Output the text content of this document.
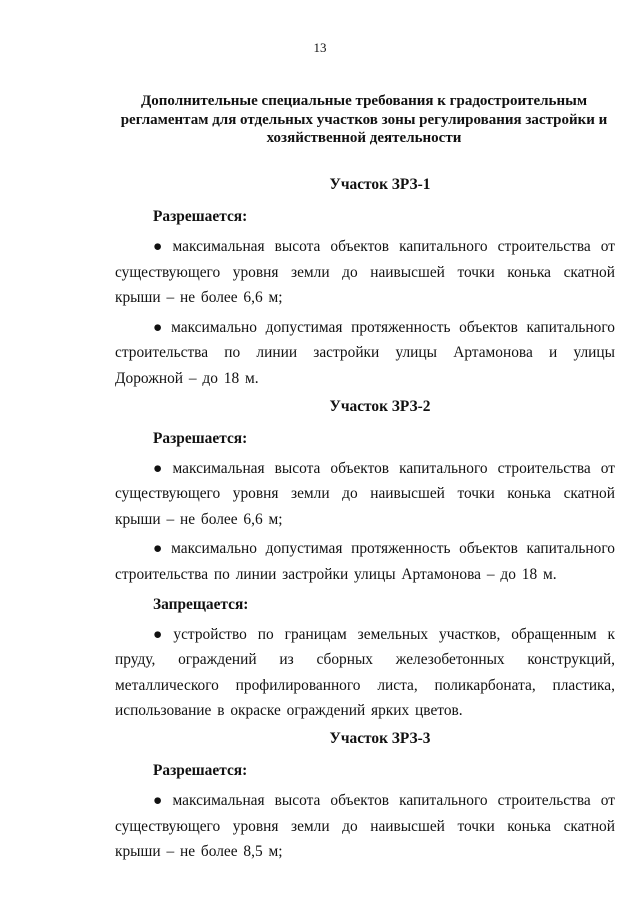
13
Дополнительные специальные требования к градостроительным регламентам для отдельных участков зоны регулирования застройки и хозяйственной деятельности
Участок ЗРЗ-1
Разрешается:

● максимальная высота объектов капитального строительства от существующего уровня земли до наивысшей точки конька скатной крыши – не более 6,6 м;

● максимально допустимая протяженность объектов капитального строительства по линии застройки улицы Артамонова и улицы Дорожной – до 18 м.

Участок ЗРЗ-2
Разрешается:

● максимальная высота объектов капитального строительства от существующего уровня земли до наивысшей точки конька скатной крыши – не более 6,6 м;

● максимально допустимая протяженность объектов капитального строительства по линии застройки улицы Артамонова – до 18 м.

Запрещается:

● устройство по границам земельных участков, обращенным к пруду, ограждений из сборных железобетонных конструкций, металлического профилированного листа, поликарбоната, пластика, использование в окраске ограждений ярких цветов.

Участок ЗРЗ-3
Разрешается:

● максимальная высота объектов капитального строительства от существующего уровня земли до наивысшей точки конька скатной крыши – не более 8,5 м;
